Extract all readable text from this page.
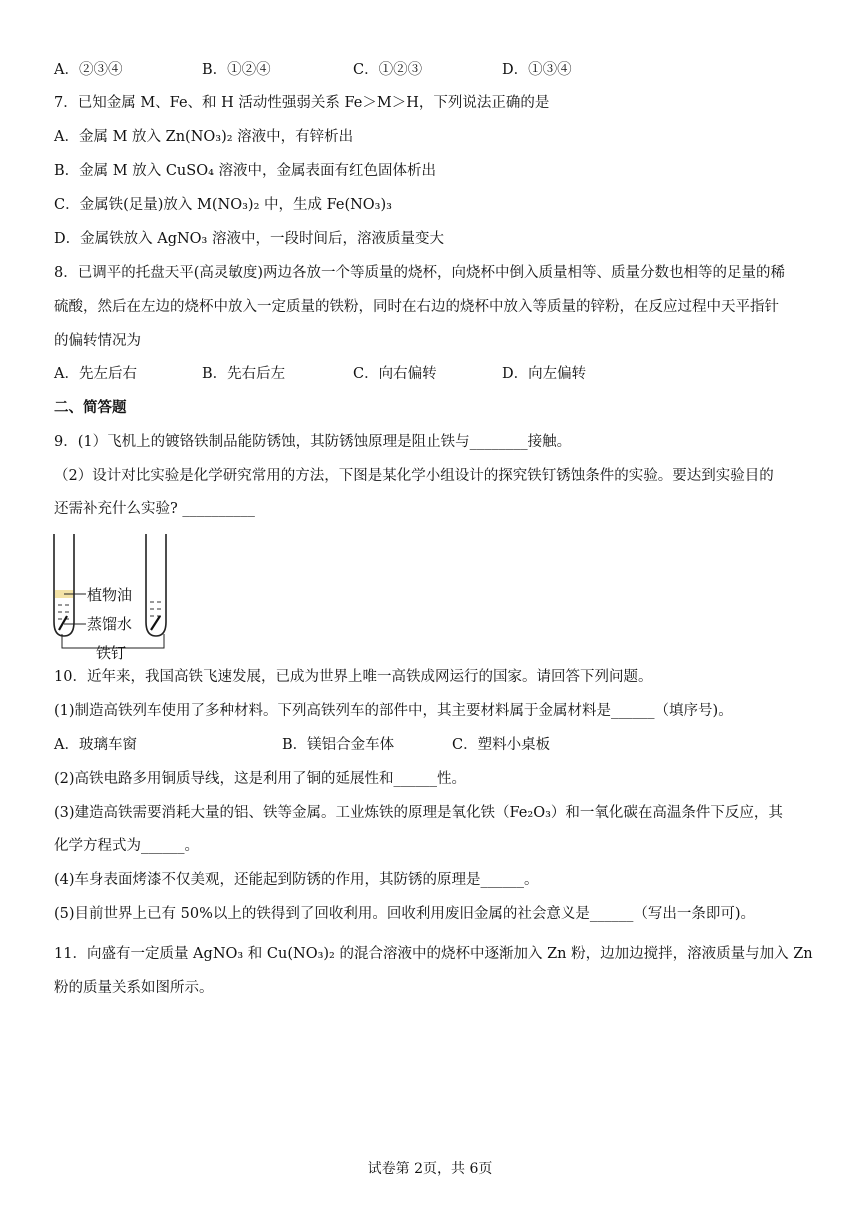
A．②③④	B．①②④	C．①②③	D．①③④
7．已知金属 M、Fe、和 H 活动性强弱关系 Fe＞M＞H，下列说法正确的是
A．金属 M 放入 Zn(NO₃)₂ 溶液中，有锌析出
B．金属 M 放入 CuSO₄ 溶液中，金属表面有红色固体析出
C．金属铁(足量)放入 M(NO₃)₂ 中，生成 Fe(NO₃)₃
D．金属铁放入 AgNO₃ 溶液中，一段时间后，溶液质量变大
8．已调平的托盘天平(高灵敏度)两边各放一个等质量的烧杯，向烧杯中倒入质量相等、质量分数也相等的足量的稀
硫酸，然后在左边的烧杯中放入一定质量的铁粉，同时在右边的烧杯中放入等质量的锌粉，在反应过程中天平指针
的偏转情况为
A．先左后右	B．先右后左	C．向右偏转	D．向左偏转
二、简答题
9．(1）飞机上的镀铬铁制品能防锈蚀，其防锈蚀原理是阻止铁与________接触。
（2）设计对比实验是化学研究常用的方法，下图是某化学小组设计的探究铁钉锈蚀条件的实验。要达到实验目的
还需补充什么实验? __________
植物油
蒸馏水
铁钉
10．近年来，我国高铁飞速发展，已成为世界上唯一高铁成网运行的国家。请回答下列问题。
(1)制造高铁列车使用了多种材料。下列高铁列车的部件中，其主要材料属于金属材料是______（填序号)。
A．玻璃车窗	B．镁铝合金车体	C．塑料小桌板
(2)高铁电路多用铜质导线，这是利用了铜的延展性和______性。
(3)建造高铁需要消耗大量的铝、铁等金属。工业炼铁的原理是氧化铁（Fe₂O₃）和一氧化碳在高温条件下反应，其
化学方程式为______。
(4)车身表面烤漆不仅美观，还能起到防锈的作用，其防锈的原理是______。
(5)目前世界上已有 50%以上的铁得到了回收利用。回收利用废旧金属的社会意义是______（写出一条即可)。
11．向盛有一定质量 AgNO₃ 和 Cu(NO₃)₂ 的混合溶液中的烧杯中逐渐加入 Zn 粉，边加边搅拌，溶液质量与加入 Zn
粉的质量关系如图所示。
试卷第 2页，共 6页
